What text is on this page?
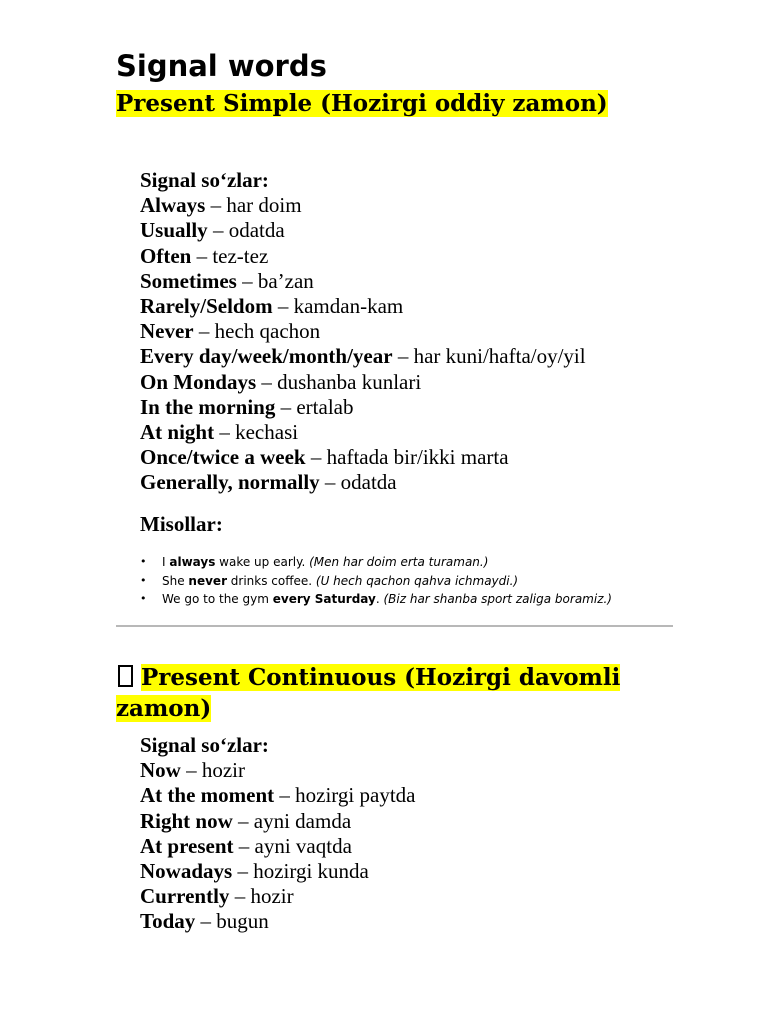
Signal words
Present Simple (Hozirgi oddiy zamon)
Signal so‘zlar:
Always – har doim
Usually – odatda
Often – tez-tez
Sometimes – ba’zan
Rarely/Seldom – kamdan-kam
Never – hech qachon
Every day/week/month/year – har kuni/hafta/oy/yil
On Mondays – dushanba kunlari
In the morning – ertalab
At night – kechasi
Once/twice a week – haftada bir/ikki marta
Generally, normally – odatda

Misollar:

• I always wake up early. (Men har doim erta turaman.)
• She never drinks coffee. (U hech qachon qahva ichmaydi.)
• We go to the gym every Saturday. (Biz har shanba sport zaliga boramiz.)
Present Continuous (Hozirgi davomli zamon)
Signal so‘zlar:
Now – hozir
At the moment – hozirgi paytda
Right now – ayni damda
At present – ayni vaqtda
Nowadays – hozirgi kunda
Currently – hozir
Today – bugun
